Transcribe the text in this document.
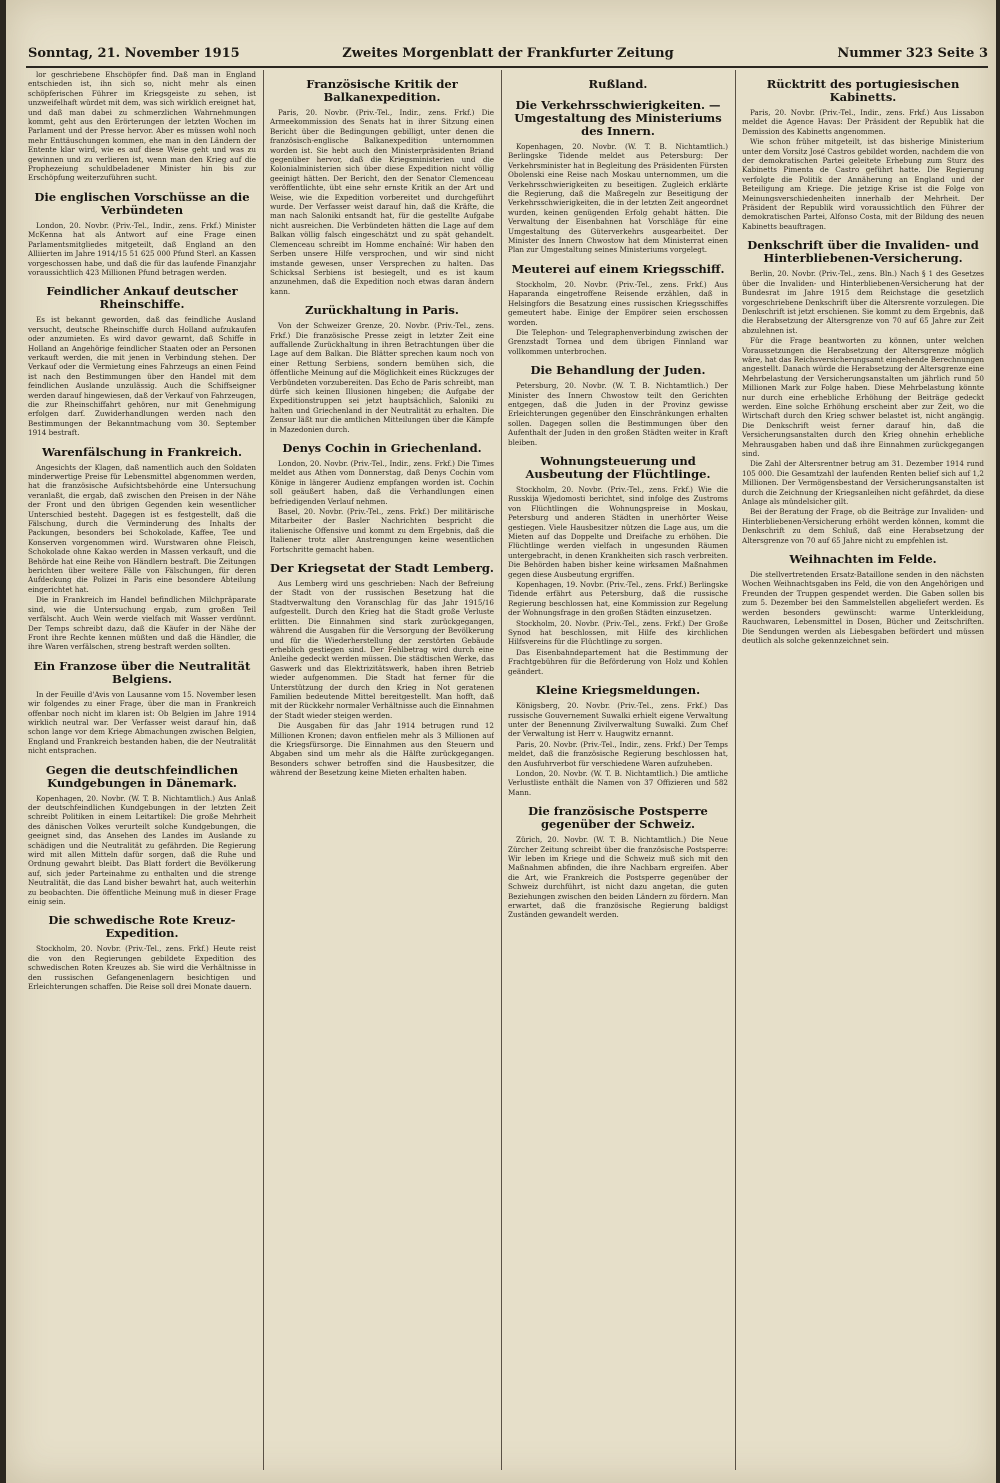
Sonntag, 21. November 1915	Zweites Morgenblatt der Frankfurter Zeitung	Nummer 323 Seite 3

lor geschriebene Ehschöpfer find. Daß man in England entschieden ist, ihn sich so, nicht mehr als einen schöpferischen Führer im Kriegsgeiste zu sehen, ist unzweifelhaft würdet mit dem, was sich wirklich ereignet hat, und daß man dabei zu schmerzlichen Wahrnehmungen kommt, geht aus den Erörterungen der letzten Wochen im Parlament und der Presse hervor. Aber es müssen wohl noch mehr Enttäuschungen kommen, ehe man in den Ländern der Entente klar wird, wie es auf diese Weise geht und was zu gewinnen und zu verlieren ist, wenn man den Krieg auf die Prophezeiung schuldbeladener Minister hin bis zur Erschöpfung weiterzuführen sucht.

Die englischen Vorschüsse an die Verbündeten

London, 20. Novbr. (Priv.-Tel., Indir., zens. Frkf.) Minister McKenna hat als Antwort auf eine Frage einen Parlamentsmitgliedes mitgeteilt, daß England an den Alliierten im Jahre 1914/15 51 625 000 Pfund Sterl. an Kassen vorgeschossen habe, und daß die für das laufende Finanzjahr voraussichtlich 423 Millionen Pfund betragen werden.

Feindlicher Ankauf deutscher Rheinschiffe.

Es ist bekannt geworden, daß das feindliche Ausland versucht, deutsche Rheinschiffe durch Holland aufzukaufen oder anzumieten. Es wird davor gewarnt, daß Schiffe in Holland an Angehörige feindlicher Staaten oder an Personen verkauft werden, die mit jenen in Verbindung stehen. Der Verkauf oder die Vermietung eines Fahrzeugs an einen Feind ist nach den Bestimmungen über den Handel mit dem feindlichen Auslande unzulässig. Auch die Schiffseigner werden darauf hingewiesen, daß der Verkauf von Fahrzeugen, die zur Rheinschiffahrt gehören, nur mit Genehmigung erfolgen darf. Zuwiderhandlungen werden nach den Bestimmungen der Bekanntmachung vom 30. September 1914 bestraft.

Warenfälschung in Frankreich.

Angesichts der Klagen, daß namentlich auch den Soldaten minderwertige Preise für Lebensmittel abgenommen werden, hat die französische Aufsichtsbehörde eine Untersuchung veranlaßt, die ergab, daß zwischen den Preisen in der Nähe der Front und den übrigen Gegenden kein wesentlicher Unterschied besteht. Dagegen ist es festgestellt, daß die Fälschung, durch die Verminderung des Inhalts der Packungen, besonders bei Schokolade, Kaffee, Tee und Konserven vorgenommen wird. Wurstwaren ohne Fleisch, Schokolade ohne Kakao werden in Massen verkauft, und die Behörde hat eine Reihe von Händlern bestraft. Die Zeitungen berichten über weitere Fälle von Fälschungen, für deren Aufdeckung die Polizei in Paris eine besondere Abteilung eingerichtet hat.

Die in Frankreich im Handel befindlichen Milchpräparate sind, wie die Untersuchung ergab, zum großen Teil verfälscht. Auch Wein werde vielfach mit Wasser verdünnt. Der Temps schreibt dazu, daß die Käufer in der Nähe der Front ihre Rechte kennen müßten und daß die Händler, die ihre Waren verfälschen, streng bestraft werden sollten.

Ein Franzose über die Neutralität Belgiens.

In der Feuille d'Avis von Lausanne vom 15. November lesen wir folgendes zu einer Frage, über die man in Frankreich offenbar noch nicht im klaren ist: Ob Belgien im Jahre 1914 wirklich neutral war. Der Verfasser weist darauf hin, daß schon lange vor dem Kriege Abmachungen zwischen Belgien, England und Frankreich bestanden haben, die der Neutralität nicht entsprachen.

Gegen die deutschfeindlichen Kundgebungen in Dänemark.

Kopenhagen, 20. Novbr. (W. T. B. Nichtamtlich.) Aus Anlaß der deutschfeindlichen Kundgebungen in der letzten Zeit schreibt Politiken in einem Leitartikel: Die große Mehrheit des dänischen Volkes verurteilt solche Kundgebungen, die geeignet sind, das Ansehen des Landes im Auslande zu schädigen und die Neutralität zu gefährden. Die Regierung wird mit allen Mitteln dafür sorgen, daß die Ruhe und Ordnung gewahrt bleibt. Das Blatt fordert die Bevölkerung auf, sich jeder Parteinahme zu enthalten und die strenge Neutralität, die das Land bisher bewahrt hat, auch weiterhin zu beobachten. Die öffentliche Meinung muß in dieser Frage einig sein.

Die schwedische Rote Kreuz-Expedition.

Stockholm, 20. Novbr. (Priv.-Tel., zens. Frkf.) Heute reist die von den Regierungen gebildete Expedition des schwedischen Roten Kreuzes ab. Sie wird die Verhältnisse in den russischen Gefangenenlagern besichtigen und Erleichterungen schaffen. Die Reise soll drei Monate dauern.

Französische Kritik der Balkanexpedition.

Paris, 20. Novbr. (Priv.-Tel., Indir., zens. Frkf.) Die Armeekommission des Senats hat in ihrer Sitzung einen Bericht über die Bedingungen gebilligt, unter denen die französisch-englische Balkanexpedition unternommen worden ist. Sie hebt auch den Ministerpräsidenten Briand gegenüber hervor, daß die Kriegsministerien und die Kolonialministerien sich über diese Expedition nicht völlig geeinigt hätten. Der Bericht, den der Senator Clemenceau veröffentlichte, übt eine sehr ernste Kritik an der Art und Weise, wie die Expedition vorbereitet und durchgeführt wurde. Der Verfasser weist darauf hin, daß die Kräfte, die man nach Saloniki entsandt hat, für die gestellte Aufgabe nicht ausreichen. Die Verbündeten hätten die Lage auf dem Balkan völlig falsch eingeschätzt und zu spät gehandelt. Clemenceau schreibt im Homme enchaîné: Wir haben den Serben unsere Hilfe versprochen, und wir sind nicht imstande gewesen, unser Versprechen zu halten. Das Schicksal Serbiens ist besiegelt, und es ist kaum anzunehmen, daß die Expedition noch etwas daran ändern kann.

Zurückhaltung in Paris.

Von der Schweizer Grenze, 20. Novbr. (Priv.-Tel., zens. Frkf.) Die französische Presse zeigt in letzter Zeit eine auffallende Zurückhaltung in ihren Betrachtungen über die Lage auf dem Balkan. Die Blätter sprechen kaum noch von einer Rettung Serbiens, sondern bemühen sich, die öffentliche Meinung auf die Möglichkeit eines Rückzuges der Verbündeten vorzubereiten. Das Echo de Paris schreibt, man dürfe sich keinen Illusionen hingeben; die Aufgabe der Expeditionstruppen sei jetzt hauptsächlich, Saloniki zu halten und Griechenland in der Neutralität zu erhalten. Die Zensur läßt nur die amtlichen Mitteilungen über die Kämpfe in Mazedonien durch.

Denys Cochin in Griechenland.

London, 20. Novbr. (Priv.-Tel., Indir., zens. Frkf.) Die Times meldet aus Athen vom Donnerstag, daß Denys Cochin vom Könige in längerer Audienz empfangen worden ist. Cochin soll geäußert haben, daß die Verhandlungen einen befriedigenden Verlauf nehmen.

Basel, 20. Novbr. (Priv.-Tel., zens. Frkf.) Der militärische Mitarbeiter der Basler Nachrichten bespricht die italienische Offensive und kommt zu dem Ergebnis, daß die Italiener trotz aller Anstrengungen keine wesentlichen Fortschritte gemacht haben.

Der Kriegsetat der Stadt Lemberg.

Aus Lemberg wird uns geschrieben: Nach der Befreiung der Stadt von der russischen Besetzung hat die Stadtverwaltung den Voranschlag für das Jahr 1915/16 aufgestellt. Durch den Krieg hat die Stadt große Verluste erlitten. Die Einnahmen sind stark zurückgegangen, während die Ausgaben für die Versorgung der Bevölkerung und für die Wiederherstellung der zerstörten Gebäude erheblich gestiegen sind. Der Fehlbetrag wird durch eine Anleihe gedeckt werden müssen. Die städtischen Werke, das Gaswerk und das Elektrizitätswerk, haben ihren Betrieb wieder aufgenommen. Die Stadt hat ferner für die Unterstützung der durch den Krieg in Not geratenen Familien bedeutende Mittel bereitgestellt. Man hofft, daß mit der Rückkehr normaler Verhältnisse auch die Einnahmen der Stadt wieder steigen werden.

Die Ausgaben für das Jahr 1914 betrugen rund 12 Millionen Kronen; davon entfielen mehr als 3 Millionen auf die Kriegsfürsorge. Die Einnahmen aus den Steuern und Abgaben sind um mehr als die Hälfte zurückgegangen. Besonders schwer betroffen sind die Hausbesitzer, die während der Besetzung keine Mieten erhalten haben.

Rußland.
Die Verkehrsschwierigkeiten. — Umgestaltung des Ministeriums des Innern.

Kopenhagen, 20. Novbr. (W. T. B. Nichtamtlich.) Berlingske Tidende meldet aus Petersburg: Der Verkehrsminister hat in Begleitung des Präsidenten Fürsten Obolenski eine Reise nach Moskau unternommen, um die Verkehrsschwierigkeiten zu beseitigen. Zugleich erklärte die Regierung, daß die Maßregeln zur Beseitigung der Verkehrsschwierigkeiten, die in der letzten Zeit angeordnet wurden, keinen genügenden Erfolg gehabt hätten. Die Verwaltung der Eisenbahnen hat Vorschläge für eine Umgestaltung des Güterverkehrs ausgearbeitet. Der Minister des Innern Chwostow hat dem Ministerrat einen Plan zur Umgestaltung seines Ministeriums vorgelegt.

Meuterei auf einem Kriegsschiff.

Stockholm, 20. Novbr. (Priv.-Tel., zens. Frkf.) Aus Haparanda eingetroffene Reisende erzählen, daß in Helsingfors die Besatzung eines russischen Kriegsschiffes gemeutert habe. Einige der Empörer seien erschossen worden.

Die Telephon- und Telegraphenverbindung zwischen der Grenzstadt Tornea und dem übrigen Finnland war vollkommen unterbrochen.

Die Behandlung der Juden.

Petersburg, 20. Novbr. (W. T. B. Nichtamtlich.) Der Minister des Innern Chwostow teilt den Gerichten entgegen, daß die Juden in der Provinz gewisse Erleichterungen gegenüber den Einschränkungen erhalten sollen. Dagegen sollen die Bestimmungen über den Aufenthalt der Juden in den großen Städten weiter in Kraft bleiben.

Wohnungsteuerung und Ausbeutung der Flüchtlinge.

Stockholm, 20. Novbr. (Priv.-Tel., zens. Frkf.) Wie die Russkija Wjedomosti berichtet, sind infolge des Zustroms von Flüchtlingen die Wohnungspreise in Moskau, Petersburg und anderen Städten in unerhörter Weise gestiegen. Viele Hausbesitzer nützen die Lage aus, um die Mieten auf das Doppelte und Dreifache zu erhöhen. Die Flüchtlinge werden vielfach in ungesunden Räumen untergebracht, in denen Krankheiten sich rasch verbreiten. Die Behörden haben bisher keine wirksamen Maßnahmen gegen diese Ausbeutung ergriffen.

Kopenhagen, 19. Novbr. (Priv.-Tel., zens. Frkf.) Berlingske Tidende erfährt aus Petersburg, daß die russische Regierung beschlossen hat, eine Kommission zur Regelung der Wohnungsfrage in den großen Städten einzusetzen.

Stockholm, 20. Novbr. (Priv.-Tel., zens. Frkf.) Der Große Synod hat beschlossen, mit Hilfe des kirchlichen Hilfsvereins für die Flüchtlinge zu sorgen.

Das Eisenbahndepartement hat die Bestimmung der Frachtgebühren für die Beförderung von Holz und Kohlen geändert.

Kleine Kriegsmeldungen.

Königsberg, 20. Novbr. (Priv.-Tel., zens. Frkf.) Das russische Gouvernement Suwalki erhielt eigene Verwaltung unter der Benennung Zivilverwaltung Suwalki. Zum Chef der Verwaltung ist Herr v. Haugwitz ernannt.

Paris, 20. Novbr. (Priv.-Tel., Indir., zens. Frkf.) Der Temps meldet, daß die französische Regierung beschlossen hat, den Ausfuhrverbot für verschiedene Waren aufzuheben.

London, 20. Novbr. (W. T. B. Nichtamtlich.) Die amtliche Verlustliste enthält die Namen von 37 Offizieren und 582 Mann.

Die französische Postsperre gegenüber der Schweiz.

Zürich, 20. Novbr. (W. T. B. Nichtamtlich.) Die Neue Zürcher Zeitung schreibt über die französische Postsperre: Wir leben im Kriege und die Schweiz muß sich mit den Maßnahmen abfinden, die ihre Nachbarn ergreifen. Aber die Art, wie Frankreich die Postsperre gegenüber der Schweiz durchführt, ist nicht dazu angetan, die guten Beziehungen zwischen den beiden Ländern zu fördern. Man erwartet, daß die französische Regierung baldigst Zuständen gewandelt werden.

Rücktritt des portugiesischen Kabinetts.

Paris, 20. Novbr. (Priv.-Tel., Indir., zens. Frkf.) Aus Lissabon meldet die Agence Havas: Der Präsident der Republik hat die Demission des Kabinetts angenommen.

Wie schon früher mitgeteilt, ist das bisherige Ministerium unter dem Vorsitz José Castros gebildet worden, nachdem die von der demokratischen Partei geleitete Erhebung zum Sturz des Kabinetts Pimenta de Castro geführt hatte. Die Regierung verfolgte die Politik der Annäherung an England und der Beteiligung am Kriege. Die jetzige Krise ist die Folge von Meinungsverschiedenheiten innerhalb der Mehrheit. Der Präsident der Republik wird voraussichtlich den Führer der demokratischen Partei, Alfonso Costa, mit der Bildung des neuen Kabinetts beauftragen.

Denkschrift über die Invaliden- und Hinterbliebenen-Versicherung.

Berlin, 20. Novbr. (Priv.-Tel., zens. Bln.) Nach § 1 des Gesetzes über die Invaliden- und Hinterbliebenen-Versicherung hat der Bundesrat im Jahre 1915 dem Reichstage die gesetzlich vorgeschriebene Denkschrift über die Altersrente vorzulegen. Die Denkschrift ist jetzt erschienen. Sie kommt zu dem Ergebnis, daß die Herabsetzung der Altersgrenze von 70 auf 65 Jahre zur Zeit abzulehnen ist.

Für die Frage beantworten zu können, unter welchen Voraussetzungen die Herabsetzung der Altersgrenze möglich wäre, hat das Reichsversicherungsamt eingehende Berechnungen angestellt. Danach würde die Herabsetzung der Altersgrenze eine Mehrbelastung der Versicherungsanstalten um jährlich rund 50 Millionen Mark zur Folge haben. Diese Mehrbelastung könnte nur durch eine erhebliche Erhöhung der Beiträge gedeckt werden. Eine solche Erhöhung erscheint aber zur Zeit, wo die Wirtschaft durch den Krieg schwer belastet ist, nicht angängig. Die Denkschrift weist ferner darauf hin, daß die Versicherungsanstalten durch den Krieg ohnehin erhebliche Mehrausgaben haben und daß ihre Einnahmen zurückgegangen sind.

Die Zahl der Altersrentner betrug am 31. Dezember 1914 rund 105 000. Die Gesamtzahl der laufenden Renten belief sich auf 1,2 Millionen. Der Vermögensbestand der Versicherungsanstalten ist durch die Zeichnung der Kriegsanleihen nicht gefährdet, da diese Anlage als mündelsicher gilt.

Bei der Beratung der Frage, ob die Beiträge zur Invaliden- und Hinterbliebenen-Versicherung erhöht werden können, kommt die Denkschrift zu dem Schluß, daß eine Herabsetzung der Altersgrenze von 70 auf 65 Jahre nicht zu empfehlen ist.

Weihnachten im Felde.

Die stellvertretenden Ersatz-Bataillone senden in den nächsten Wochen Weihnachtsgaben ins Feld, die von den Angehörigen und Freunden der Truppen gespendet werden. Die Gaben sollen bis zum 5. Dezember bei den Sammelstellen abgeliefert werden. Es werden besonders gewünscht: warme Unterkleidung, Rauchwaren, Lebensmittel in Dosen, Bücher und Zeitschriften. Die Sendungen werden als Liebesgaben befördert und müssen deutlich als solche gekennzeichnet sein.
